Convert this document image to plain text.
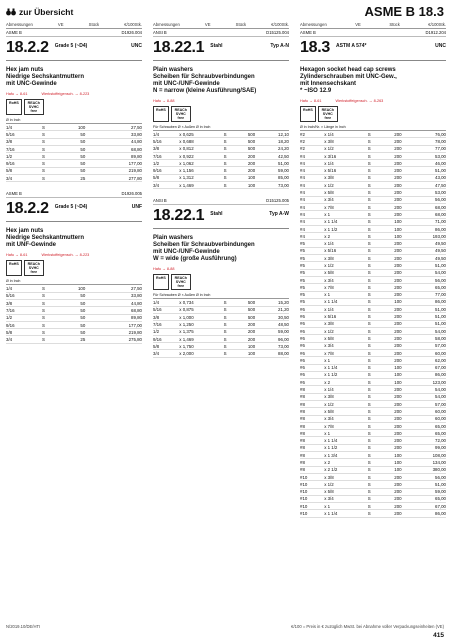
zur Übersicht	ASME B 18.3
Abmessungen	VE	Stück	€/100Stk.
ASME B	D1926.004
18.2.2 Grade 5 (~D4)	UNC
Hex jam nuts
Niedrige Sechskantmuttern
mit UNC-Gewinde
Hafu → 8-61	Werkstoffeigensch. → 8-223
RoHS	REACh SVHC free
Ø in Inch
1/4		S	100	27,50
5/16		S	50	33,80
3/8		S	50	44,80
7/16		S	50	68,80
1/2		S	50	89,80
9/16		S	50	177,00
5/8		S	50	219,80
3/4		S	25	277,80
ASME B	D1926.005
18.2.2 Grade 5 (~D4)	UNF
Hex jam nuts
Niedrige Sechskantmuttern
mit UNF-Gewinde
Hafu → 8-61	Werkstoffeigensch. → 8-223
RoHS	REACh SVHC free
Ø in Inch
1/4		S	100	27,50
5/16		S	50	33,80
3/8		S	50	44,80
7/16		S	50	68,80
1/2		S	50	89,80
9/16		S	50	177,00
5/8		S	50	219,80
3/4		S	25	275,80
Abmessungen	VE	Stück	€/100Stk.
ANSI B	D15125.004
18.22.1 Stahl	Typ A-N
Plain washers
Scheiben für Schraubverbindungen
mit UNC-/UNF-Gewinde
N = narrow (kleine Ausführung/SAE)
Hafu → 8-88
RoHS	REACh SVHC free
Für Schrauben Ø × Außen Ø in Inch
1/4	x 0,625	S	500	12,10
5/16	x 0,688	S	500	18,20
3/8	x 0,812	S	500	24,20
7/16	x 0,922	S	200	42,50
1/2	x 1,062	S	200	51,00
9/16	x 1,156	S	200	59,00
5/8	x 1,312	S	100	85,00
3/4	x 1,469	S	100	73,00
ANSI B	D15125.005
18.22.1 Stahl	Typ A-W
Plain washers
Scheiben für Schraubverbindungen
mit UNC-/UNF-Gewinde
W = wide (große Ausführung)
Hafu → 8-88
RoHS	REACh SVHC free
Für Schrauben Ø × Außen Ø in Inch
1/4	x 0,734	S	500	15,20
5/16	x 0,875	S	500	21,20
3/8	x 1,000	S	500	30,50
7/16	x 1,250	S	200	48,50
1/2	x 1,375	S	200	59,00
9/16	x 1,469	S	200	96,00
5/8	x 1,750	S	100	73,00
3/4	x 2,000	S	100	88,00
Abmessungen	VE	Stück	€/100Stk.
ASME B	D1912.204
18.3 ASTM A 574*	UNC
Hexagon socket head cap screws
Zylinderschrauben mit UNC-Gew.,
mit Innensechskant
* ~ISO 12.9
Hafu → 8-61	Werkstoffeigensch. → 8-263
RoHS	REACh SVHC free
Ø in Inch/Nr. × Länge in Inch
#2	x 1/4	S	200	76,00
#2	x 3/8	S	200	78,00
#2	x 1/2	S	200	77,00
#4	x 3/16	S	200	53,00
#4	x 1/4	S	200	46,00
#4	x 5/16	S	200	51,00
#4	x 3/8	S	200	43,00
#4	x 1/2	S	200	47,50
#4	x 5/8	S	200	53,00
#4	x 3/4	S	200	56,00
#4	x 7/8	S	200	68,00
#4	x 1	S	200	68,00
#4	x 1 1/4	S	100	71,00
#4	x 1 1/2	S	100	86,00
#4	x 2	S	100	193,00
#5	x 1/4	S	200	49,50
#5	x 5/16	S	200	49,50
#5	x 3/8	S	200	49,50
#5	x 1/2	S	200	51,00
#5	x 5/8	S	200	54,00
#5	x 3/4	S	200	56,00
#5	x 7/8	S	200	65,00
#5	x 1	S	200	77,00
#5	x 1 1/4	S	100	86,00
#6	x 1/4	S	200	51,00
#6	x 5/16	S	200	51,00
#6	x 3/8	S	200	51,00
#6	x 1/2	S	200	54,00
#6	x 5/8	S	200	58,00
#6	x 3/4	S	200	57,00
#6	x 7/8	S	200	60,00
#6	x 1	S	200	62,00
#6	x 1 1/4	S	100	67,00
#6	x 1 1/2	S	100	86,00
#6	x 2	S	100	123,00
#8	x 1/4	S	200	54,00
#8	x 3/8	S	200	54,00
#8	x 1/2	S	200	57,00
#8	x 5/8	S	200	60,00
#8	x 3/4	S	200	60,00
#8	x 7/8	S	200	65,00
#8	x 1	S	200	65,00
#8	x 1 1/4	S	200	72,00
#8	x 1 1/2	S	200	99,00
#8	x 1 3/4	S	100	108,00
#8	x 2	S	100	134,00
#8	x 2 1/2	S	100	380,00
#10	x 3/8	S	200	56,00
#10	x 1/2	S	200	51,00
#10	x 5/8	S	200	59,00
#10	x 3/4	S	200	65,00
#10	x 1	S	200	67,00
#10	x 1 1/4	S	200	86,00
N/2019.10/DE/HTI	€/100 = Preis in € zuzüglich MwSt. bei Abnahme voller Verpackungseinheiten (VE)
415
